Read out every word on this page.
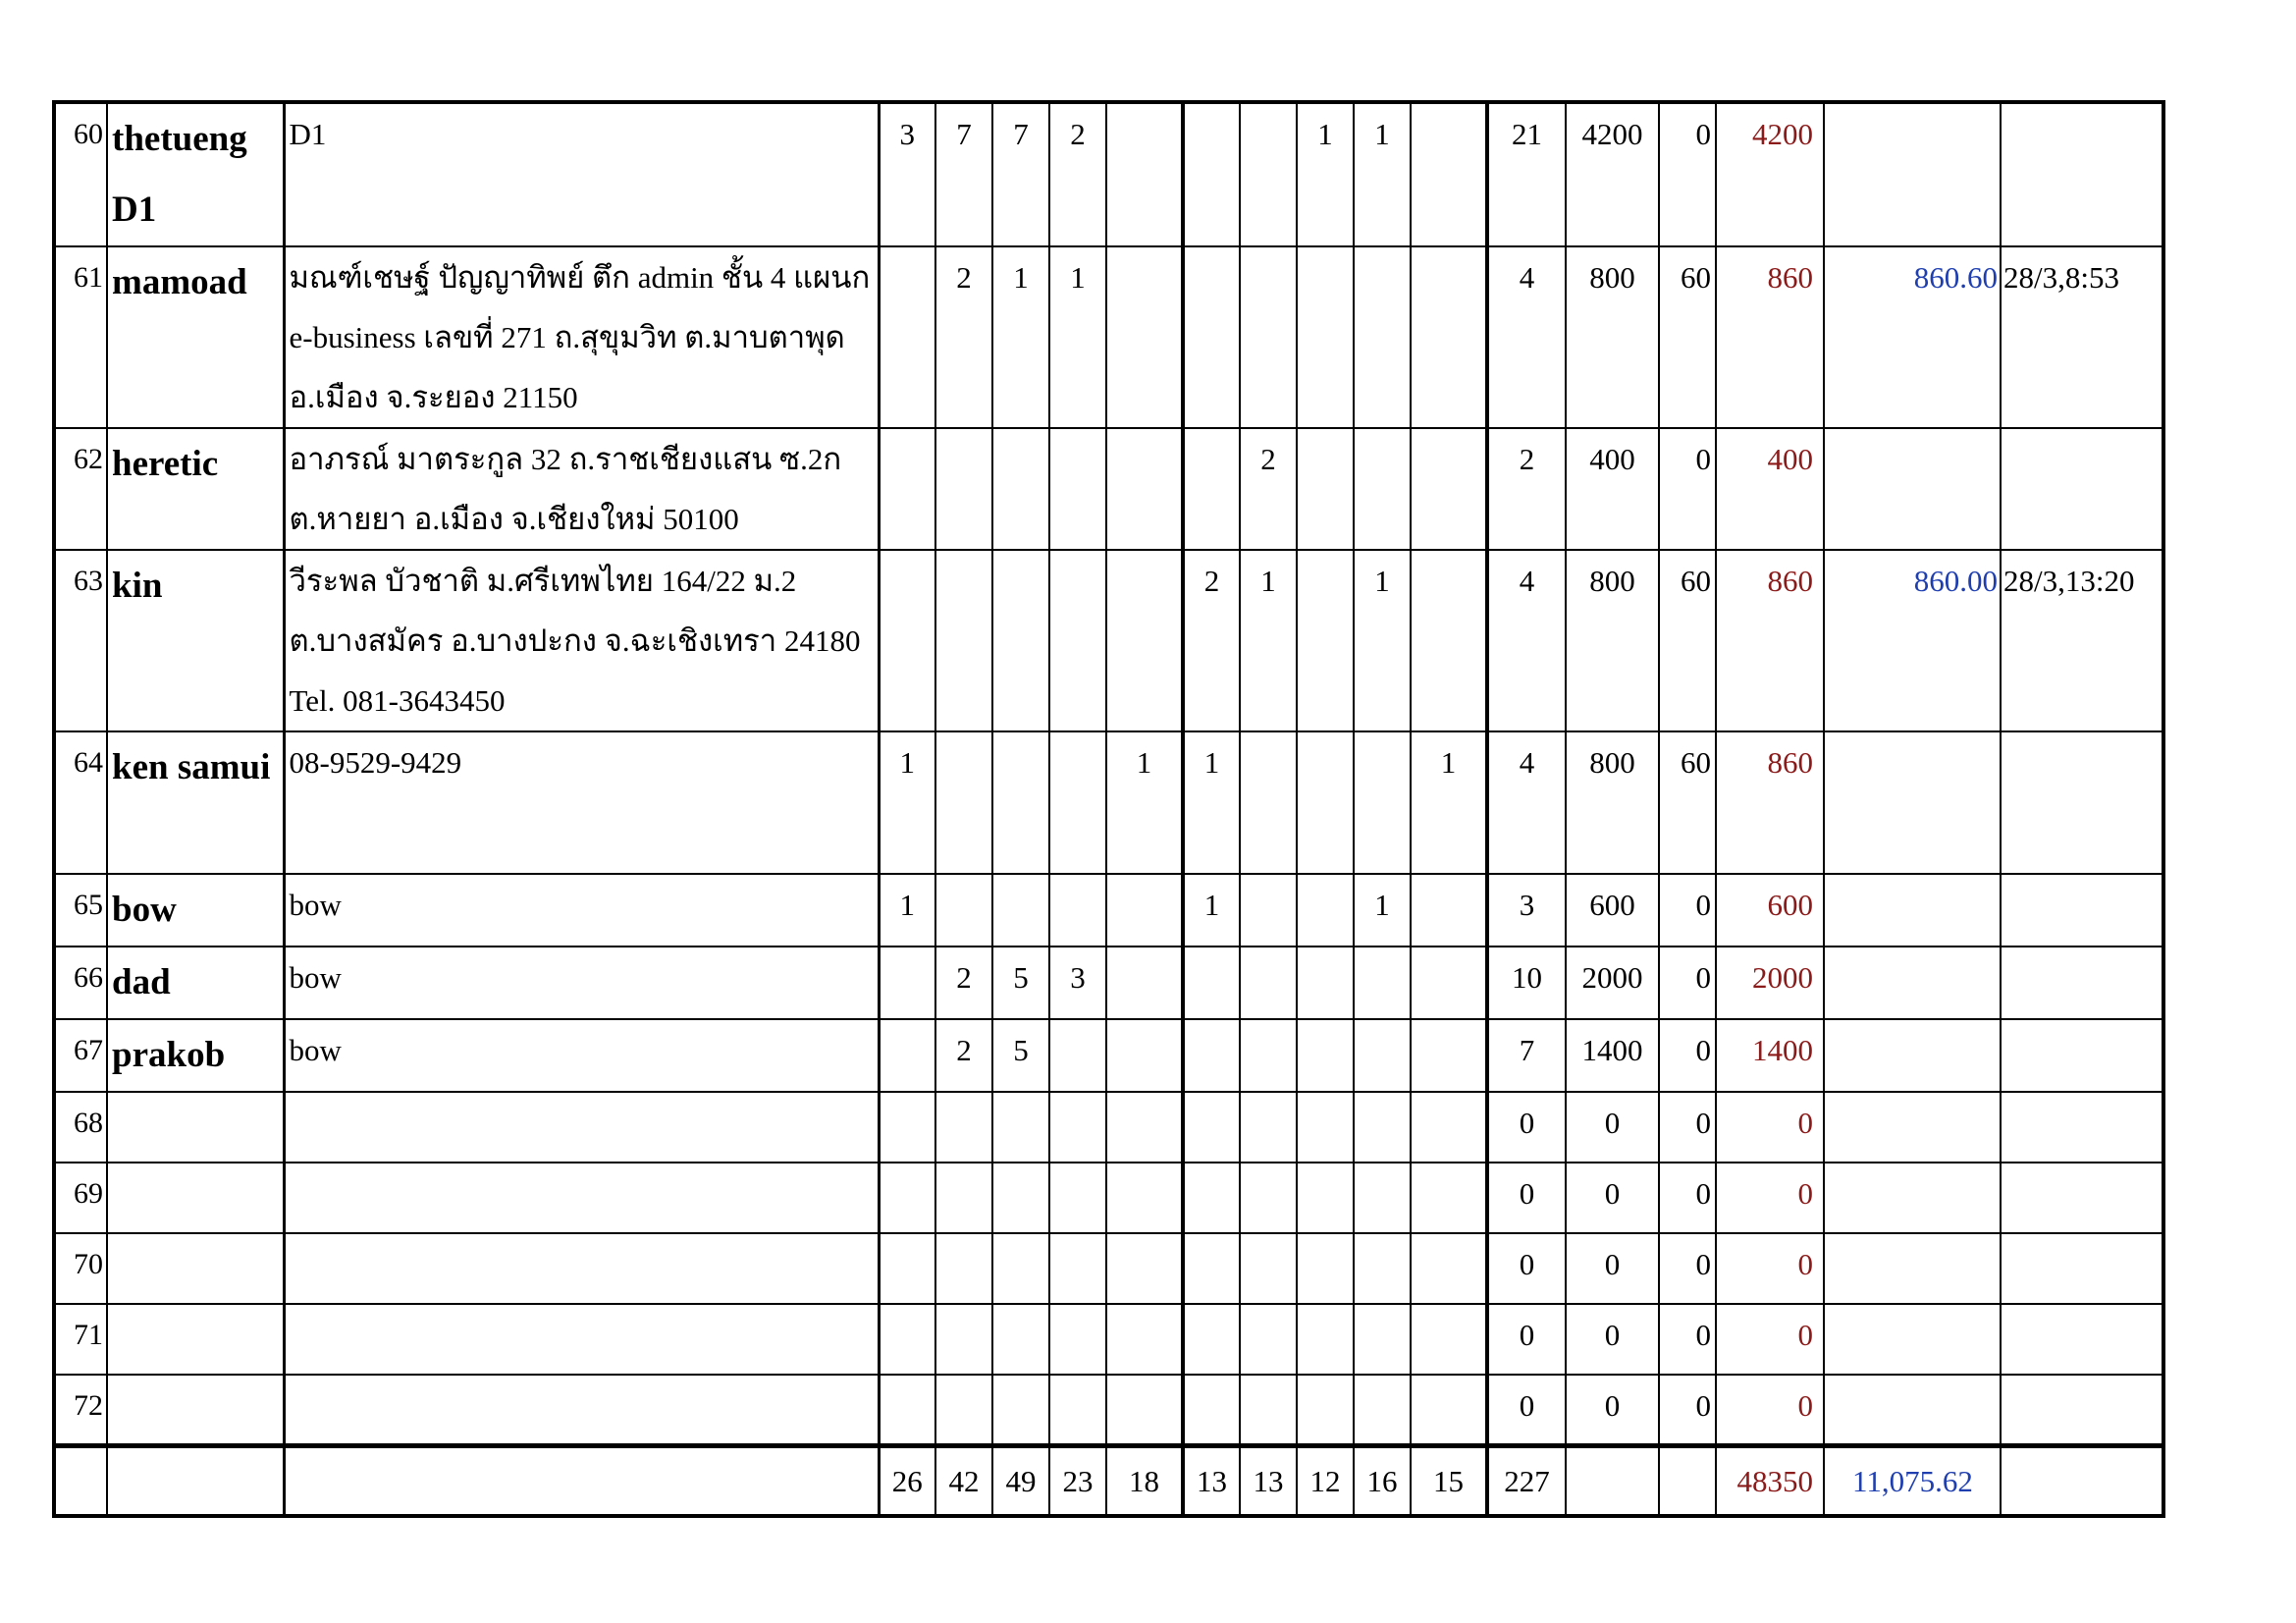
60	thetueng D1	D1	3	7	7	2				1	1		21	4200	0	4200		
61	mamoad	มณฑ์เชษฐ์ ปัญญาทิพย์ ตึก admin ชั้น 4 แผนก e-business เลขที่ 271 ถ.สุขุมวิท ต.มาบตาพุด อ.เมือง จ.ระยอง 21150		2	1	1							4	800	60	860	860.60	28/3,8:53
62	heretic	อาภรณ์ มาตระกูล 32 ถ.ราชเชียงแสน ซ.2ก ต.หายยา อ.เมือง จ.เชียงใหม่ 50100							2				2	400	0	400		
63	kin	วีระพล บัวชาติ ม.ศรีเทพไทย 164/22 ม.2 ต.บางสมัคร อ.บางปะกง จ.ฉะเชิงเทรา 24180 Tel. 081-3643450						2	1		1		4	800	60	860	860.00	28/3,13:20
64	ken samui	08-9529-9429	1				1	1				1	4	800	60	860		
65	bow	bow	1					1			1		3	600	0	600		
66	dad	bow		2	5	3							10	2000	0	2000		
67	prakob	bow		2	5								7	1400	0	1400		
68													0	0	0	0		
69													0	0	0	0		
70													0	0	0	0		
71													0	0	0	0		
72													0	0	0	0		
			26	42	49	23	18	13	13	12	16	15	227			48350	11,075.62	
